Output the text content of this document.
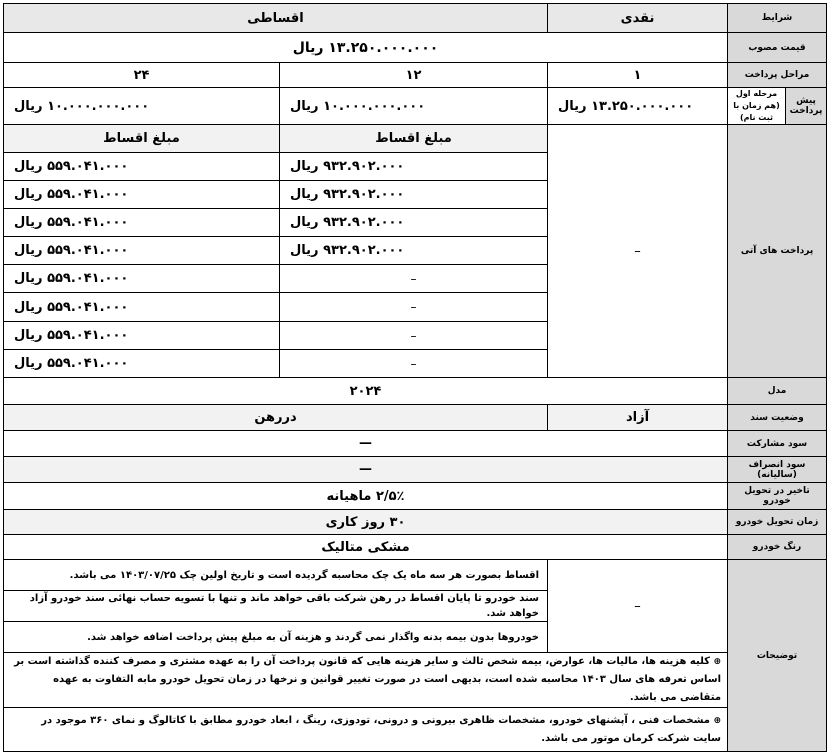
شرایط	نقدی	اقساطی
قیمت مصوب	۱۳.۲۵۰.۰۰۰.۰۰۰ ریال
مراحل پرداخت	۱	۱۲	۲۴

پیش پرداخت	مرحله اول (هم زمان با ثبت نام)
	۱۳.۲۵۰.۰۰۰.۰۰۰ ریال	۱۰.۰۰۰.۰۰۰.۰۰۰ ریال	۱۰.۰۰۰.۰۰۰.۰۰۰ ریال
پرداخت های آتی	–	مبلغ اقساط	مبلغ اقساط
۹۳۲.۹۰۲.۰۰۰ ریال	۵۵۹.۰۴۱.۰۰۰ ریال
۹۳۲.۹۰۲.۰۰۰ ریال	۵۵۹.۰۴۱.۰۰۰ ریال
۹۳۲.۹۰۲.۰۰۰ ریال	۵۵۹.۰۴۱.۰۰۰ ریال
۹۳۲.۹۰۲.۰۰۰ ریال	۵۵۹.۰۴۱.۰۰۰ ریال
–	۵۵۹.۰۴۱.۰۰۰ ریال
–	۵۵۹.۰۴۱.۰۰۰ ریال
–	۵۵۹.۰۴۱.۰۰۰ ریال
–	۵۵۹.۰۴۱.۰۰۰ ریال
مدل	۲۰۲۴
وضعیت سند	آزاد	دررهن
سود مشارکت	—
سود انصراف (سالیانه)	—
تاخیر در تحویل خودرو	۲/۵٪ ماهیانه
زمان تحویل خودرو	۳۰ روز کاری
رنگ خودرو	مشکی متالیک
توضیحات	–	اقساط بصورت هر سه ماه یک چک محاسبه گردیده است و تاریخ اولین چک ۱۴۰۳/۰۷/۲۵ می باشد.
سند خودرو تا پایان اقساط در رهن شرکت باقی خواهد ماند و تنها با تسویه حساب نهائی سند خودرو آزاد خواهد شد.
خودروها بدون بیمه بدنه واگذار نمی گردند و هزینه آن به مبلغ پیش پرداخت اضافه خواهد شد.
⊕ کلیه هزینه ها، مالیات ها، عوارض، بیمه شخص ثالث و سایر هزینه هایی که قانون پرداخت آن را به عهده مشتری و مصرف کننده گذاشته است بر اساس تعرفه های سال ۱۴۰۳ محاسبه شده است، بدیهی است در صورت تغییر قوانین و نرخها در زمان تحویل خودرو مابه التفاوت به عهده متقاضی می باشد.
⊕ مشخصات فنی ، آپشنهای خودرو، مشخصات ظاهری بیرونی و درونی، تودوزی، رینگ ، ابعاد خودرو مطابق با کاتالوگ و نمای ۳۶۰ موجود در سایت شرکت کرمان موتور می باشد.
